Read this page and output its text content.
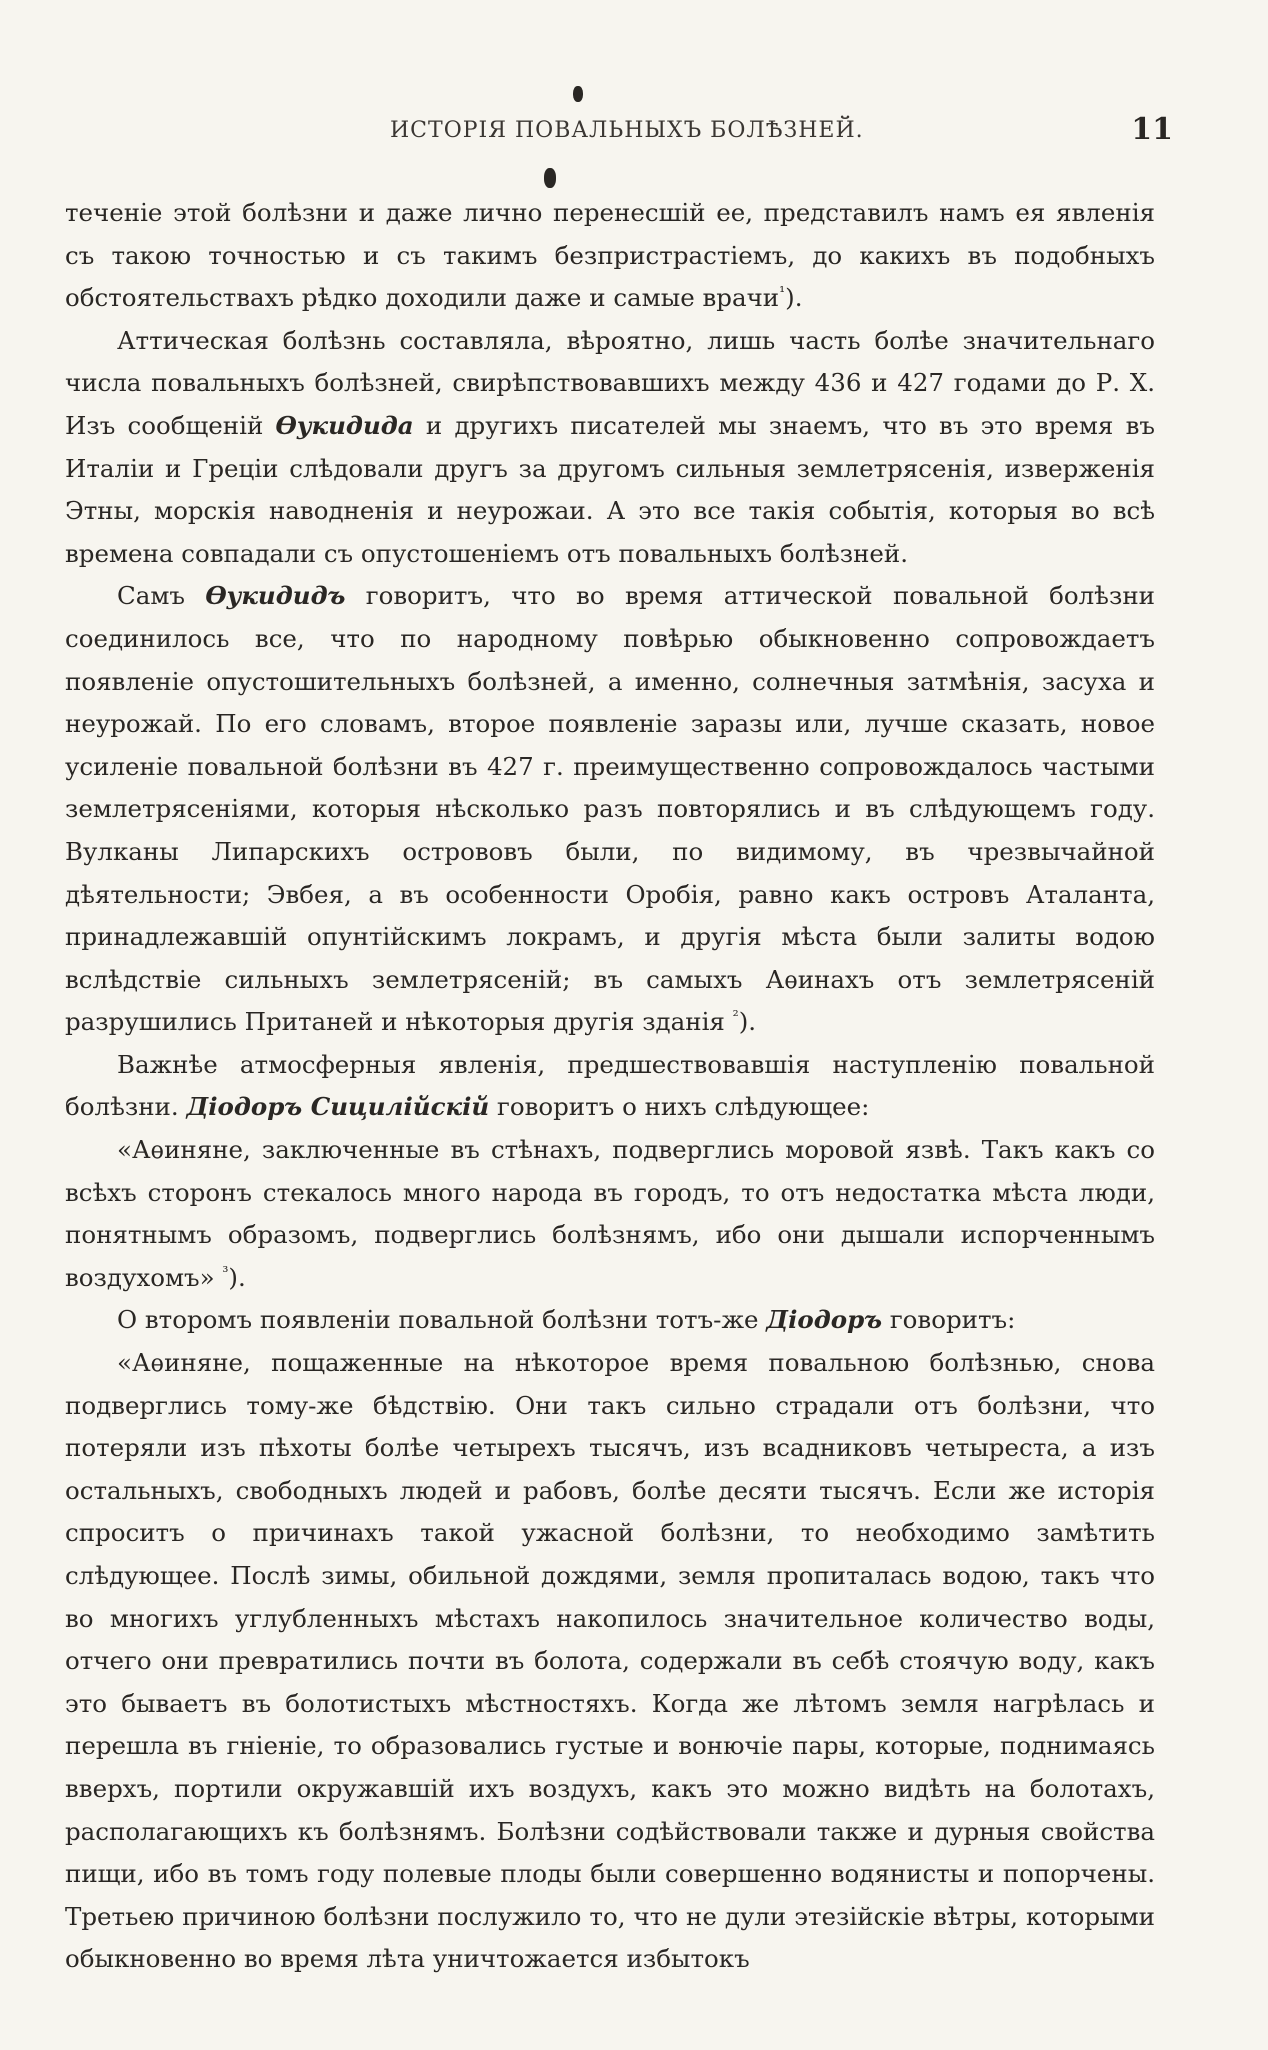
ИСТОРІЯ ПОВАЛЬНЫХЪ БОЛѢЗНЕЙ.	11

теченіе этой болѣзни и даже лично перенесшій ее, представилъ намъ ея явленія съ такою точностью и съ такимъ безпристрастіемъ, до какихъ въ подобныхъ обстоятельствахъ рѣдко доходили даже и самые врачи$^{^1}$).

Аттическая болѣзнь составляла, вѣроятно, лишь часть болѣе значительнаго числа повальныхъ болѣзней, свирѣпствовавшихъ между 436 и 427 годами до Р. Х. Изъ сообщеній Ѳукидида и другихъ писателей мы знаемъ, что въ это время въ Италіи и Греціи слѣдовали другъ за другомъ сильныя землетрясенія, изверженія Этны, морскія наводненія и неурожаи. А это все такія событія, которыя во всѣ времена совпадали съ опустошеніемъ отъ повальныхъ болѣзней.

Самъ Ѳукидидъ говоритъ, что во время аттической повальной болѣзни соединилось все, что по народному повѣрью обыкновенно сопровождаетъ появленіе опустошительныхъ болѣзней, а именно, солнечныя затмѣнія, засуха и неурожай. По его словамъ, второе появленіе заразы или, лучше сказать, новое усиленіе повальной болѣзни въ 427 г. преимущественно сопровождалось частыми землетрясеніями, которыя нѣсколько разъ повторялись и въ слѣдующемъ году. Вулканы Липарскихъ острововъ были, по видимому, въ чрезвычайной дѣятельности; Эвбея, а въ особенности Оробія, равно какъ островъ Аталанта, принадлежавшій опунтійскимъ локрамъ, и другія мѣста были залиты водою вслѣдствіе сильныхъ землетрясеній; въ самыхъ Аѳинахъ отъ землетрясеній разрушились Пританей и нѣкоторыя другія зданія $^{^2}$).

Важнѣе атмосферныя явленія, предшествовавшія наступленію повальной болѣзни. Діодоръ Сицилійскій говоритъ о нихъ слѣдующее:

«Аѳиняне, заключенные въ стѣнахъ, подверглись моровой язвѣ. Такъ какъ со всѣхъ сторонъ стекалось много народа въ городъ, то отъ недостатка мѣста люди, понятнымъ образомъ, подверглись болѣзнямъ, ибо они дышали испорченнымъ воздухомъ» $^{^3}$).

О второмъ появленіи повальной болѣзни тотъ-же Діодоръ говоритъ:

«Аѳиняне, пощаженные на нѣкоторое время повальною болѣзнью, снова подверглись тому-же бѣдствію. Они такъ сильно страдали отъ болѣзни, что потеряли изъ пѣхоты болѣе четырехъ тысячъ, изъ всадниковъ четыреста, а изъ остальныхъ, свободныхъ людей и рабовъ, болѣе десяти тысячъ. Если же исторія спроситъ о причинахъ такой ужасной болѣзни, то необходимо замѣтить слѣдующее. Послѣ зимы, обильной дождями, земля пропиталась водою, такъ что во многихъ углубленныхъ мѣстахъ накопилось значительное количество воды, отчего они превратились почти въ болота, содержали въ себѣ стоячую воду, какъ это бываетъ въ болотистыхъ мѣстностяхъ. Когда же лѣтомъ земля нагрѣлась и перешла въ гніеніе, то образовались густые и вонючіе пары, которые, поднимаясь вверхъ, портили окружавшій ихъ воздухъ, какъ это можно видѣть на болотахъ, располагающихъ къ болѣзнямъ. Болѣзни содѣйствовали также и дурныя свойства пищи, ибо въ томъ году полевые плоды были совершенно водянисты и попорчены. Третьею причиною болѣзни послужило то, что не дули этезійскіе вѣтры, которыми обыкновенно во время лѣта уничтожается избытокъ
